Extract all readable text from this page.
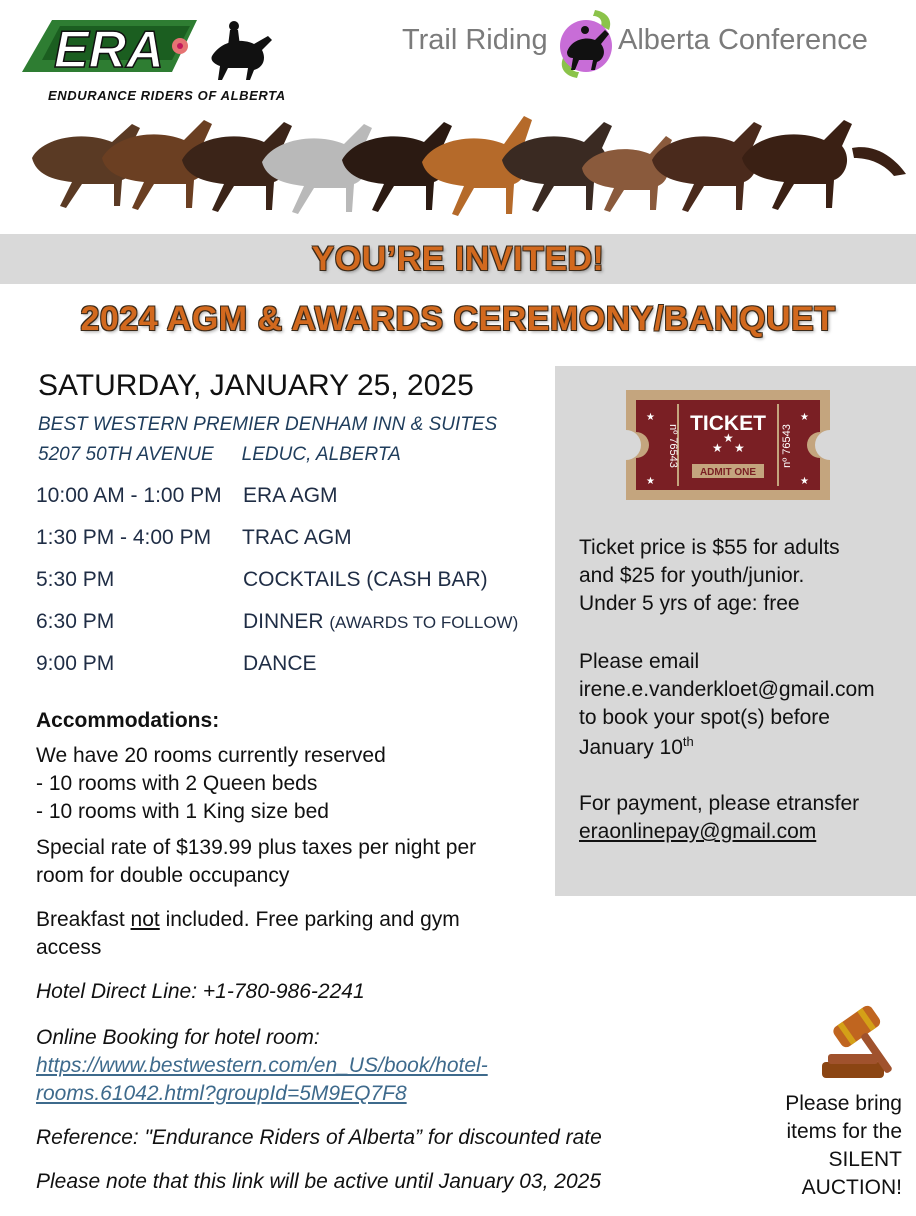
ERA
ENDURANCE RIDERS OF ALBERTA
Trail Riding Alberta Conference
YOU’RE INVITED!
2024 AGM & AWARDS CEREMONY/BANQUET
TICKET
★
★
★
ADMIT ONE
★
★
★
★
nº 76543	nº 76543
Ticket price is $55 for adults
and $25 for youth/junior.
Under 5 yrs of age: free
Please email
irene.e.vanderkloet@gmail.com
to book your spot(s) before
January 10th
For payment, please etransfer
eraonlinepay@gmail.com
SATURDAY, JANUARY 25, 2025
BEST WESTERN PREMIER DENHAM INN & SUITES
5207 50TH AVENUE LEDUC, ALBERTA
10:00 AM - 1:00 PM ERA AGM
1:30 PM - 4:00 PM TRAC AGM
5:30 PM	COCKTAILS (CASH BAR)
6:30 PM	DINNER (AWARDS TO FOLLOW)
9:00 PM	DANCE
Accommodations:
We have 20 rooms currently reserved
- 10 rooms with 2 Queen beds
- 10 rooms with 1 King size bed
Special rate of $139.99 plus taxes per night per
room for double occupancy
Breakfast not included. Free parking and gym
access
Hotel Direct Line: +1-780-986-2241
Online Booking for hotel room:
https://www.bestwestern.com/en_US/book/hotel-
rooms.61042.html?groupId=5M9EQ7F8
Reference: "Endurance Riders of Alberta” for discounted rate
Please note that this link will be active until January 03, 2025
Please bring
items for the
SILENT
AUCTION!
